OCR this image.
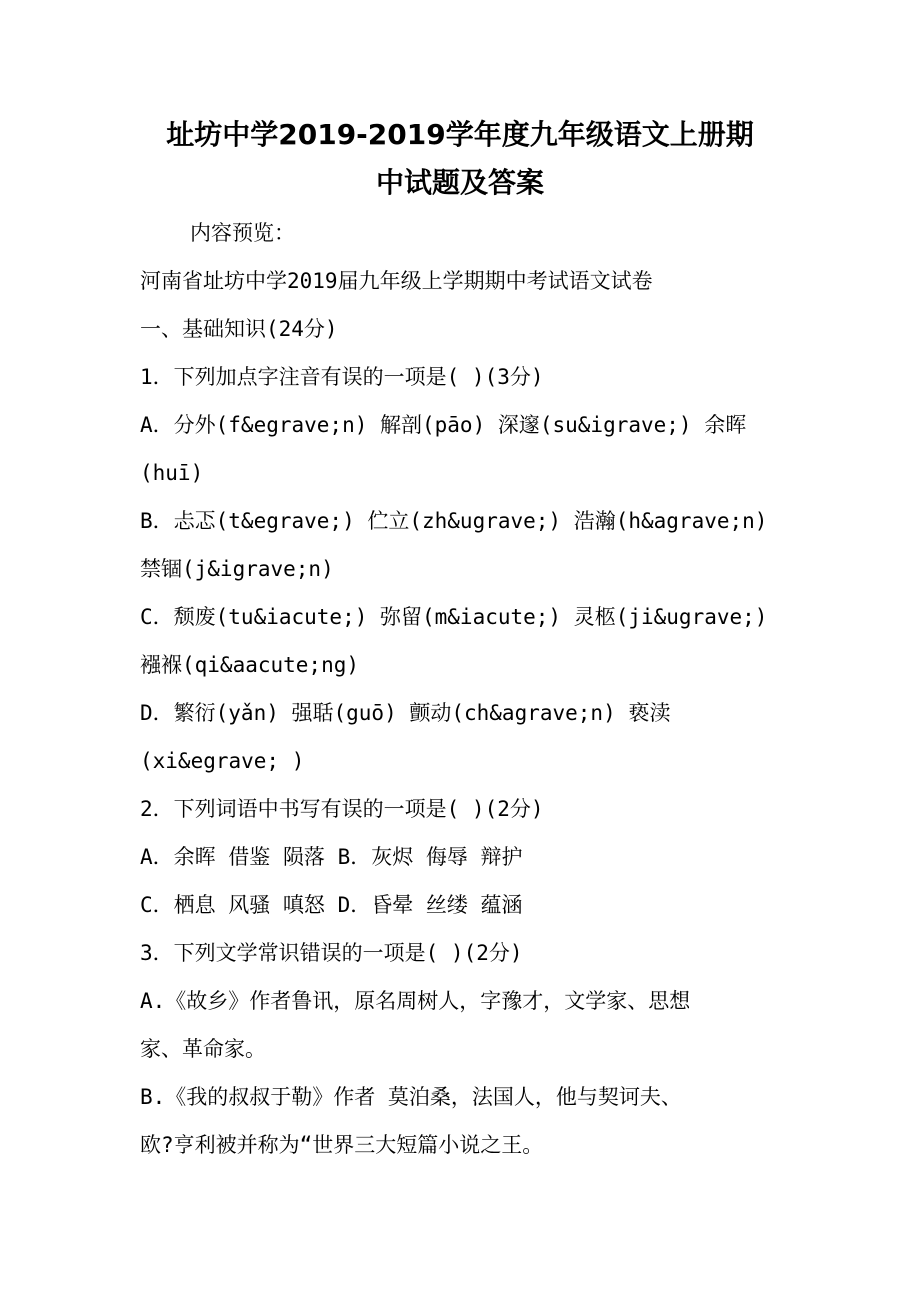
址坊中学2019-2019学年度九年级语文上册期
中试题及答案
内容预览：
河南省址坊中学2019届九年级上学期期中考试语文试卷
一、基础知识(24分)
1．下列加点字注音有误的一项是( )(3分)
A．分外(f&egrave;n) 解剖(pāo) 深邃(su&igrave;) 余晖
(huī)
B．忐忑(t&egrave;) 伫立(zh&ugrave;) 浩瀚(h&agrave;n)
禁锢(j&igrave;n)
C．颓废(tu&iacute;) 弥留(m&iacute;) 灵柩(ji&ugrave;)
襁褓(qi&aacute;ng)
D．繁衍(yǎn) 强聒(guō) 颤动(ch&agrave;n) 亵渎
(xi&egrave; )
2．下列词语中书写有误的一项是( )(2分)
A．余晖 借鉴 陨落 B．灰烬 侮辱 辩护
C．栖息 风骚 嗔怒 D．昏晕 丝缕 蕴涵
3．下列文学常识错误的一项是( )(2分)
A.《故乡》作者鲁讯，原名周树人，字豫才，文学家、思想
家、革命家。
B.《我的叔叔于勒》作者 莫泊桑，法国人，他与契诃夫、
欧?亨利被并称为“世界三大短篇小说之王。
